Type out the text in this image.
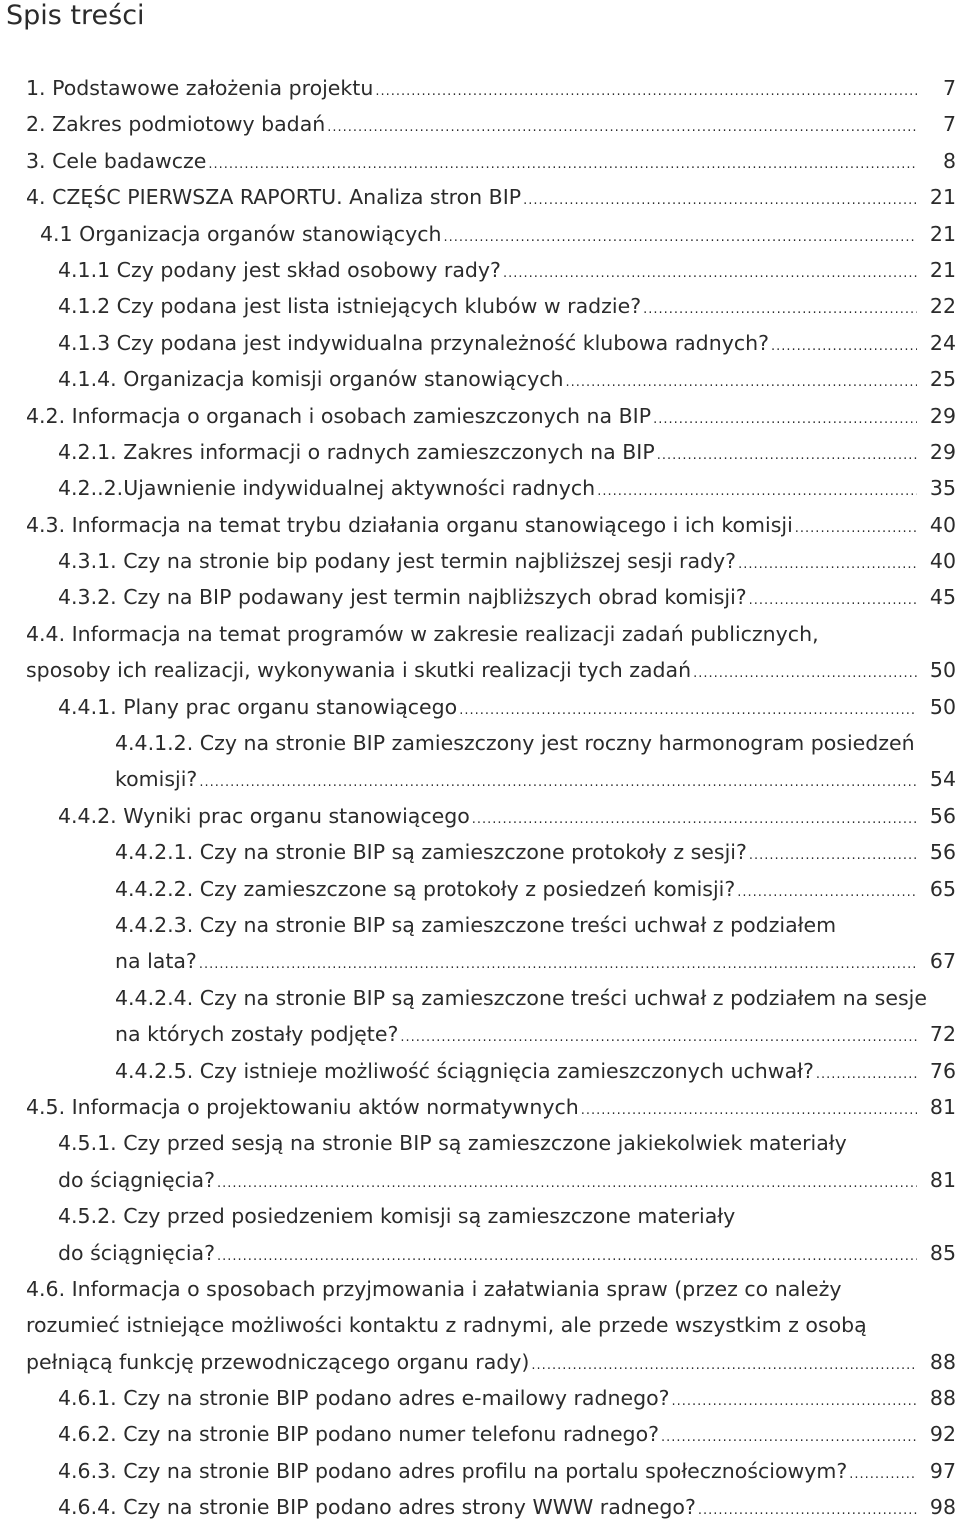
Spis treści
1. Podstawowe założenia projektu .....	7
2. Zakres podmiotowy badań .....	7
3. Cele badawcze .....	8
4. CZĘŚC PIERWSZA RAPORTU. Analiza stron BIP .....	21
4.1 Organizacja organów stanowiących .....	21
4.1.1 Czy podany jest skład osobowy rady? .....	21
4.1.2 Czy podana jest lista istniejących klubów w radzie? .....	22
4.1.3 Czy podana jest indywidualna przynależność klubowa radnych? .....	24
4.1.4. Organizacja komisji organów stanowiących .....	25
4.2. Informacja o organach i osobach zamieszczonych na BIP .....	29
4.2.1. Zakres informacji o radnych zamieszczonych na BIP .....	29
4.2..2.Ujawnienie indywidualnej aktywności radnych .....	35
4.3. Informacja na temat trybu działania organu stanowiącego i ich komisji .....	40
4.3.1. Czy na stronie bip podany jest termin najbliższej sesji rady? .....	40
4.3.2. Czy na BIP podawany jest termin najbliższych obrad komisji? .....	45
4.4. Informacja na temat programów w zakresie realizacji zadań publicznych,
sposoby ich realizacji, wykonywania i skutki realizacji tych zadań .....	50
4.4.1. Plany prac organu stanowiącego .....	50
4.4.1.2. Czy na stronie BIP zamieszczony jest roczny harmonogram posiedzeń
komisji? .....	54
4.4.2. Wyniki prac organu stanowiącego .....	56
4.4.2.1. Czy na stronie BIP są zamieszczone protokoły z sesji? .....	56
4.4.2.2. Czy zamieszczone są protokoły z posiedzeń komisji? .....	65
4.4.2.3. Czy na stronie BIP są zamieszczone treści uchwał z podziałem
na lata? .....	67
4.4.2.4. Czy na stronie BIP są zamieszczone treści uchwał z podziałem na sesje
na których zostały podjęte? .....	72
4.4.2.5. Czy istnieje możliwość ściągnięcia zamieszczonych uchwał? .....	76
4.5. Informacja o projektowaniu aktów normatywnych .....	81
4.5.1. Czy przed sesją na stronie BIP są zamieszczone jakiekolwiek materiały
do ściągnięcia? .....	81
4.5.2. Czy przed posiedzeniem komisji są zamieszczone materiały
do ściągnięcia? .....	85
4.6. Informacja o sposobach przyjmowania i załatwiania spraw (przez co należy
rozumieć istniejące możliwości kontaktu z radnymi, ale przede wszystkim z osobą
pełniącą funkcję przewodniczącego organu rady) .....	88
4.6.1. Czy na stronie BIP podano adres e-mailowy radnego? .....	88
4.6.2. Czy na stronie BIP podano numer telefonu radnego? .....	92
4.6.3. Czy na stronie BIP podano adres profilu na portalu społecznościowym? .....	97
4.6.4. Czy na stronie BIP podano adres strony WWW radnego? .....	98
